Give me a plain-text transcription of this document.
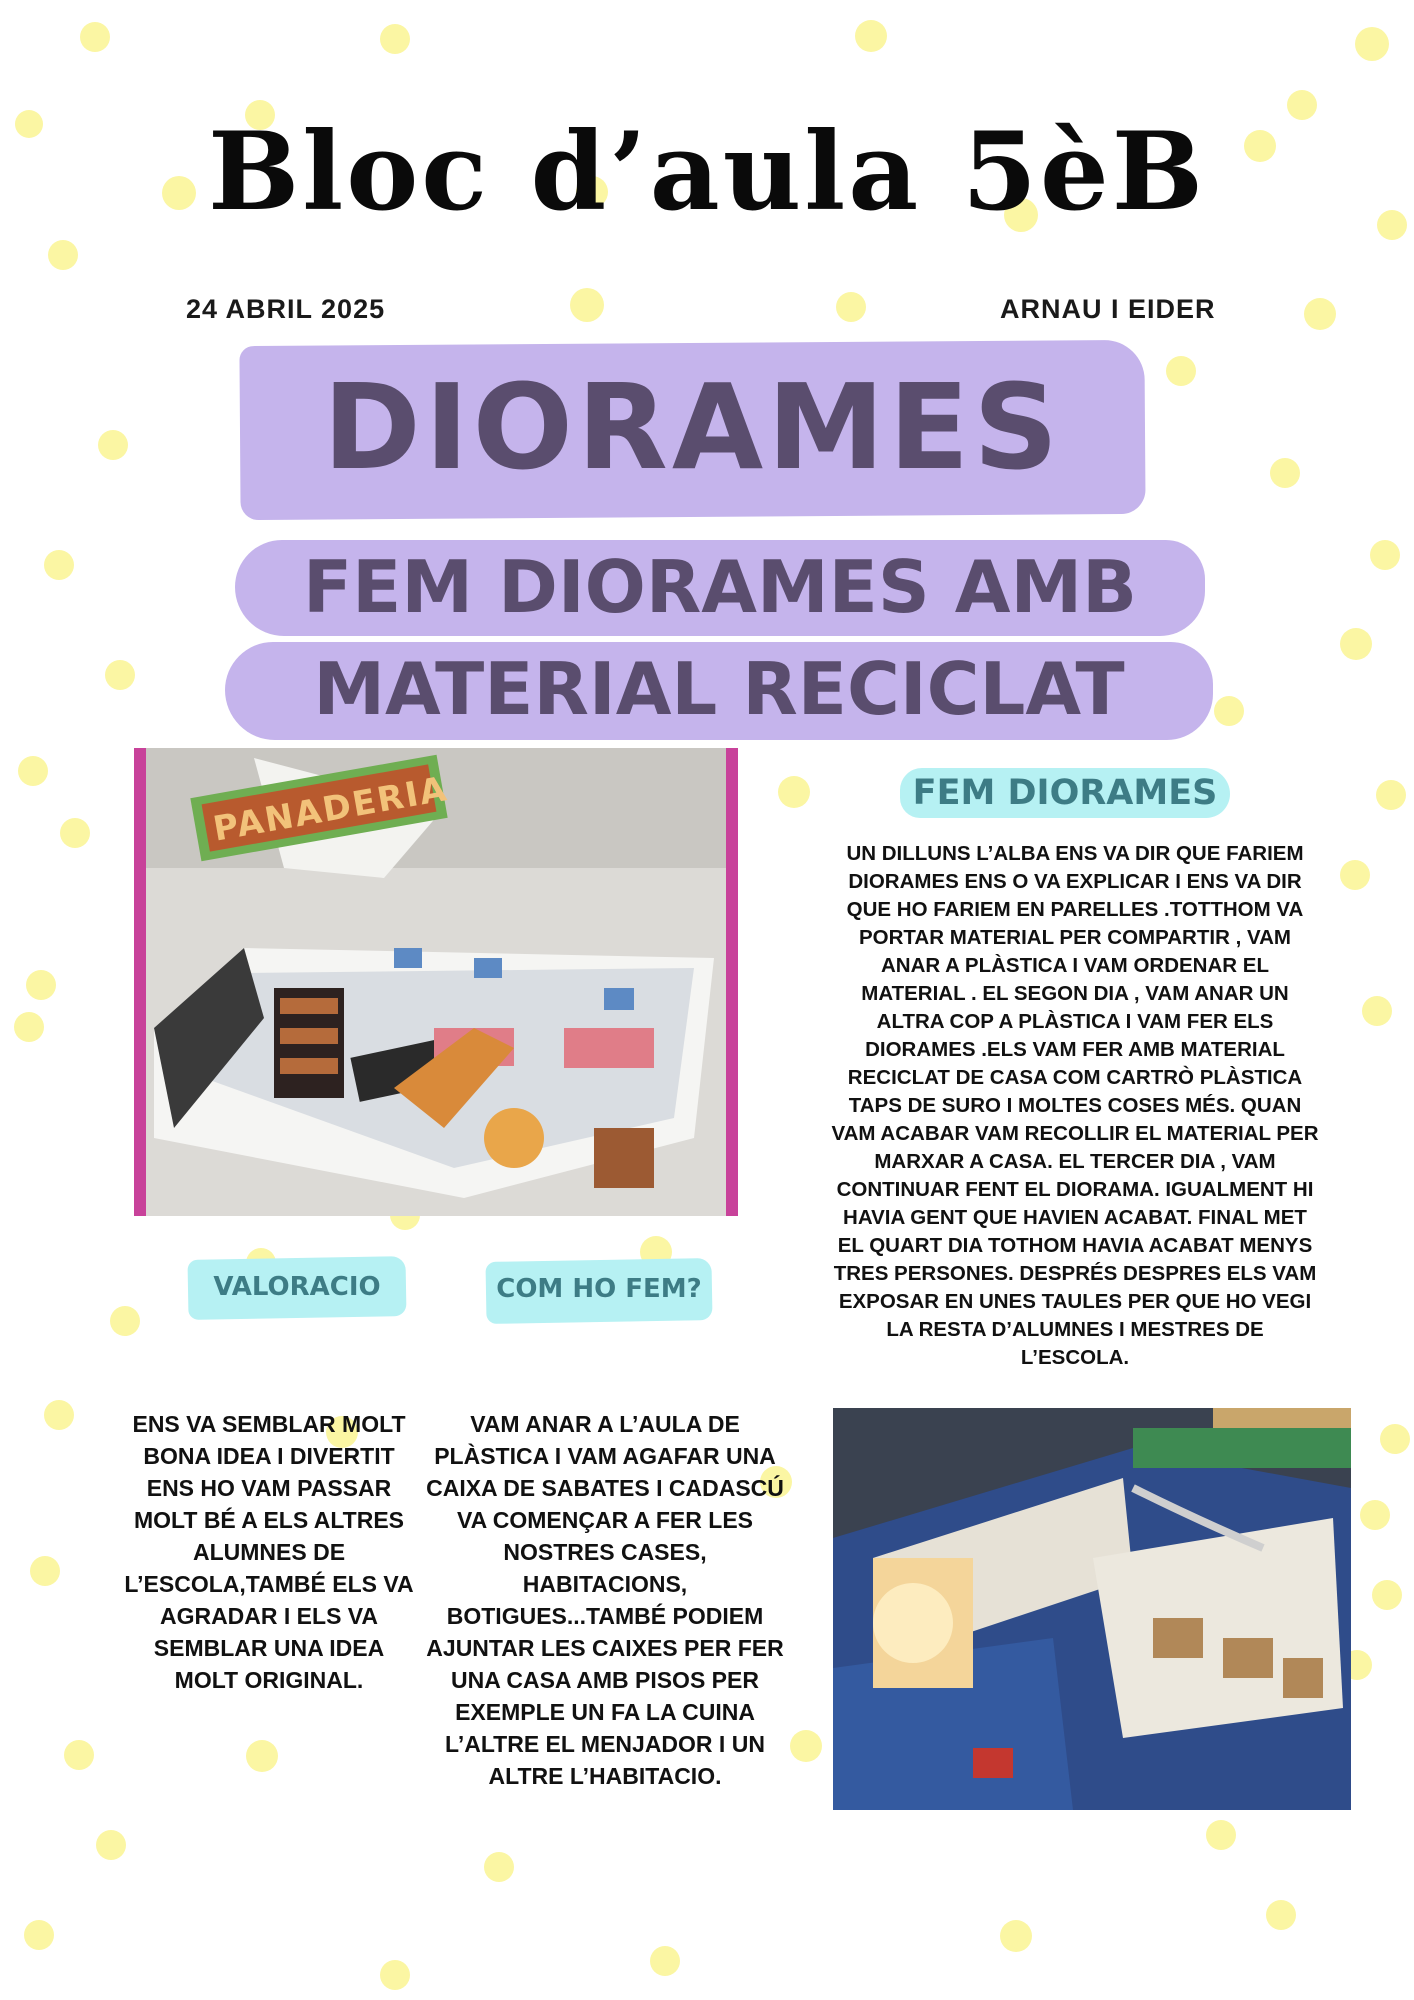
Bloc d’aula 5èB
24 ABRIL 2025	ARNAU I EIDER
DIORAMES
FEM DIORAMES AMB
MATERIAL RECICLAT
PANADERIA	FEM DIORAMES
UN DILLUNS L’ALBA ENS VA DIR QUE FARIEM DIORAMES ENS O VA EXPLICAR I ENS VA DIR QUE HO FARIEM EN PARELLES .TOTTHOM VA PORTAR MATERIAL PER COMPARTIR , VAM ANAR A PLÀSTICA I VAM ORDENAR EL MATERIAL . EL SEGON DIA , VAM ANAR UN ALTRA COP A PLÀSTICA I VAM FER ELS DIORAMES .ELS VAM FER AMB MATERIAL RECICLAT DE CASA COM CARTRÒ PLÀSTICA TAPS DE SURO I MOLTES COSES MÉS. QUAN VAM ACABAR VAM RECOLLIR EL MATERIAL PER MARXAR A CASA. EL TERCER DIA , VAM CONTINUAR FENT EL DIORAMA. IGUALMENT HI HAVIA GENT QUE HAVIEN ACABAT. FINAL MET EL QUART DIA TOTHOM HAVIA ACABAT MENYS TRES PERSONES. DESPRÉS DESPRES ELS VAM EXPOSAR EN UNES TAULES PER QUE HO VEGI LA RESTA D’ALUMNES I MESTRES DE L’ESCOLA.
VALORACIO	COM HO FEM?
ENS VA SEMBLAR MOLT BONA IDEA I DIVERTIT ENS HO VAM PASSAR MOLT BÉ A ELS ALTRES ALUMNES DE L’ESCOLA,TAMBÉ ELS VA AGRADAR I ELS VA SEMBLAR UNA IDEA MOLT ORIGINAL.
VAM ANAR A L’AULA DE PLÀSTICA I VAM AGAFAR UNA CAIXA DE SABATES I CADASCÚ VA COMENÇAR A FER LES NOSTRES CASES, HABITACIONS, BOTIGUES...TAMBÉ PODIEM AJUNTAR LES CAIXES PER FER UNA CASA AMB PISOS PER EXEMPLE UN FA LA CUINA L’ALTRE EL MENJADOR I UN ALTRE L’HABITACIO.
